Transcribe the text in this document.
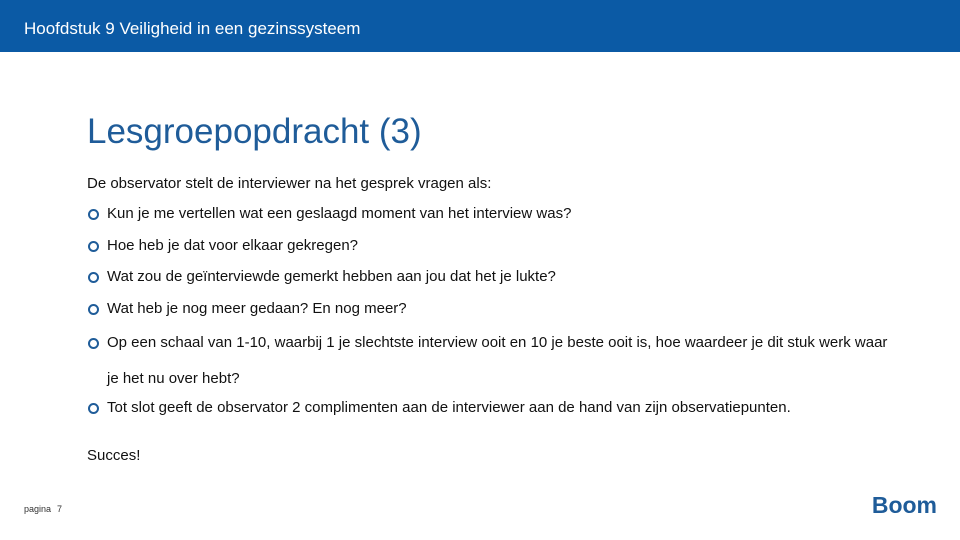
Hoofdstuk 9 Veiligheid in een gezinssysteem
Lesgroepopdracht (3)
De observator stelt de interviewer na het gesprek vragen als:
Kun je me vertellen wat een geslaagd moment van het interview was?
Hoe heb je dat voor elkaar gekregen?
Wat zou de geïnterviewde gemerkt hebben aan jou dat het je lukte?
Wat heb je nog meer gedaan? En nog meer?
Op een schaal van 1-10, waarbij 1 je slechtste interview ooit en 10 je beste ooit is, hoe waardeer je dit stuk werk waar je het nu over hebt?
Tot slot geeft de observator 2 complimenten aan de interviewer aan de hand van zijn observatiepunten.
Succes!
pagina 7	Boom
